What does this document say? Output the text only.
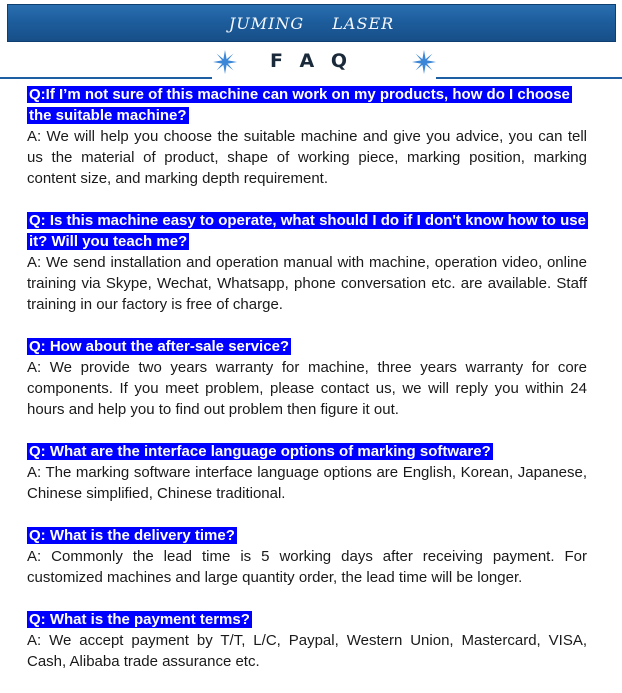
JUMING LASER
F A Q
Q:If I’m not sure of this machine can work on my products, how do I choose the suitable machine?

A: We will help you choose the suitable machine and give you advice, you can tell us the material of product, shape of working piece, marking position, marking content size, and marking depth requirement.

Q: Is this machine easy to operate, what should I do if I don't know how to use it? Will you teach me?

A: We send installation and operation manual with machine, operation video, online training via Skype, Wechat, Whatsapp, phone conversation etc. are available. Staff training in our factory is free of charge.

Q: How about the after-sale service?

A: We provide two years warranty for machine, three years warranty for core components. If you meet problem, please contact us, we will reply you within 24 hours and help you to find out problem then figure it out.

Q: What are the interface language options of marking software?

A: The marking software interface language options are English, Korean, Japanese, Chinese simplified, Chinese traditional.

Q: What is the delivery time?

A: Commonly the lead time is 5 working days after receiving payment. For customized machines and large quantity order, the lead time will be longer.

Q: What is the payment terms?

A: We accept payment by T/T, L/C, Paypal, Western Union, Mastercard, VISA, Cash, Alibaba trade assurance etc.
